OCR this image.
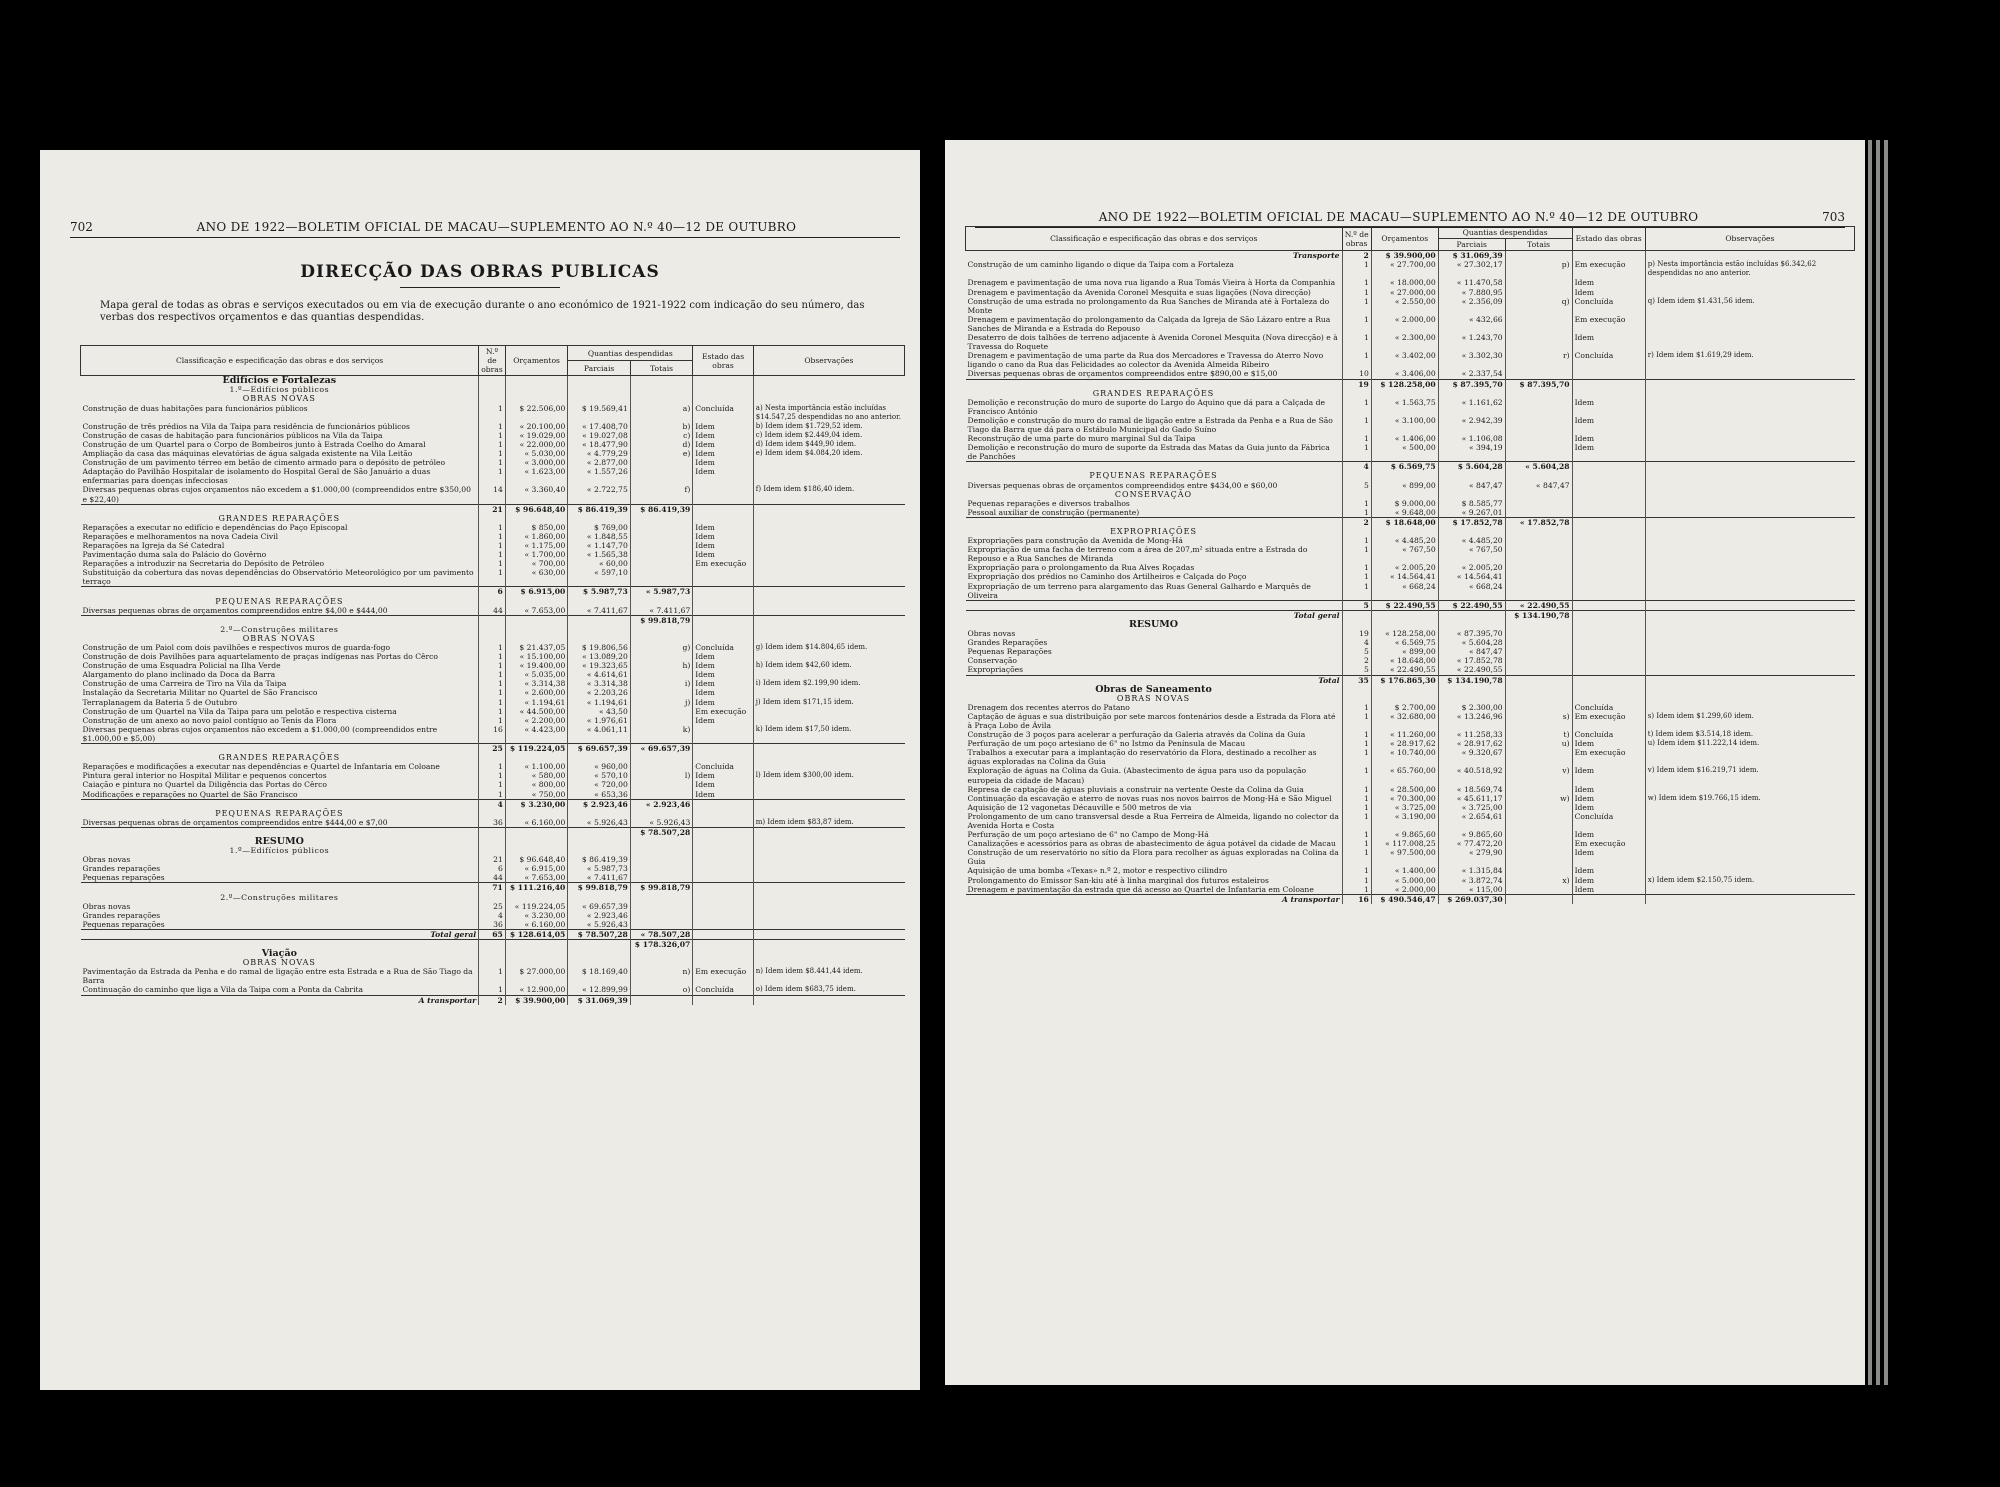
702	ANO DE 1922—BOLETIM OFICIAL DE MACAU—SUPLEMENTO AO N.º 40—12 DE OUTUBRO
DIRECÇÃO DAS OBRAS PUBLICAS
Mapa geral de todas as obras e serviços executados ou em via de execução durante o ano económico de 1921-1922 com indicação do seu número, das verbas dos respectivos orçamentos e das quantias despendidas.
Classificação e especificação das obras e dos serviços	N.º de obras	Orçamentos	Quantias despendidas		Estado das obras	Observações
			Parciais	Totais		
Edifícios e Fortalezas						
1.º—Edifícios públicos						
OBRAS NOVAS						
Construção de duas habitações para funcionários públicos	1	$ 22.506,00	$ 19.569,41	a)	Concluída	a) Nesta importância estão incluídas $14.547,25 despendidas no ano anterior.
Construção de três prédios na Vila da Taipa para residência de funcionários públicos	1	« 20.100,00	« 17.408,70	b)	Idem	b) Idem idem $1.729,52 idem.
Construção de casas de habitação para funcionários públicos na Vila da Taipa	1	« 19.029,00	« 19.027,08	c)	Idem	c) Idem idem $2.449,04 idem.
Construção de um Quartel para o Corpo de Bombeiros junto à Estrada Coelho do Amaral	1	« 22.000,00	« 18.477,90	d)	Idem	d) Idem idem $449,90 idem.
Ampliação da casa das máquinas elevatórias de água salgada existente na Vila Leitão	1	« 5.030,00	« 4.779,29	e)	Idem	e) Idem idem $4.084,20 idem.
Construção de um pavimento térreo em betão de cimento armado para o depósito de petróleo	1	« 3.000,00	« 2.877,00		Idem	
Adaptação do Pavilhão Hospitalar de isolamento do Hospital Geral de São Januário a duas enfermarias para doenças infecciosas	1	« 1.623,00	« 1.557,26		Idem	
Diversas pequenas obras cujos orçamentos não excedem a $1.000,00 (compreendidos entre $350,00 e $22,40)	14	« 3.360,40	« 2.722,75	f)		f) Idem idem $186,40 idem.
	21	$ 96.648,40	$ 86.419,39	$ 86.419,39		
GRANDES REPARAÇÕES						
Reparações a executar no edifício e dependências do Paço Episcopal	1	$ 850,00	$ 769,00		Idem	
Reparações e melhoramentos na nova Cadeia Civil	1	« 1.860,00	« 1.848,55		Idem	
Reparações na Igreja da Sé Catedral	1	« 1.175,00	« 1.147,70		Idem	
Pavimentação duma sala do Palácio do Govêrno	1	« 1.700,00	« 1.565,38		Idem	
Reparações a introduzir na Secretaria do Depósito de Petróleo	1	« 700,00	« 60,00		Em execução	
Substituição da cobertura das novas dependências do Observatório Meteorológico por um pavimento terraço	1	« 630,00	« 597,10			
	6	$ 6.915,00	$ 5.987,73	« 5.987,73		
PEQUENAS REPARAÇÕES						
Diversas pequenas obras de orçamentos compreendidos entre $4,00 e $444,00	44	« 7.653,00	« 7.411,67	« 7.411,67		
				$ 99.818,79		
2.º—Construções militares						
OBRAS NOVAS						
Construção de um Paiol com dois pavilhões e respectivos muros de guarda-fogo	1	$ 21.437,05	$ 19.806,56	g)	Concluída	g) Idem idem $14.804,65 idem.
Construção de dois Pavilhões para aquartelamento de praças indígenas nas Portas do Cêrco	1	« 15.100,00	« 13.089,20		Idem	
Construção de uma Esquadra Policial na Ilha Verde	1	« 19.400,00	« 19.323,65	h)	Idem	h) Idem idem $42,60 idem.
Alargamento do plano inclinado da Doca da Barra	1	« 5.035,00	« 4.614,61		Idem	
Construção de uma Carreira de Tiro na Vila da Taipa	1	« 3.314,38	« 3.314,38	i)	Idem	i) Idem idem $2.199,90 idem.
Instalação da Secretaria Militar no Quartel de São Francisco	1	« 2.600,00	« 2.203,26		Idem	
Terraplanagem da Bateria 5 de Outubro	1	« 1.194,61	« 1.194,61	j)	Idem	j) Idem idem $171,15 idem.
Construção de um Quartel na Vila da Taipa para um pelotão e respectiva cisterna	1	« 44.500,00	« 43,50		Em execução	
Construção de um anexo ao novo paiol contíguo ao Tenis da Flora	1	« 2.200,00	« 1.976,61		Idem	
Diversas pequenas obras cujos orçamentos não excedem a $1.000,00 (compreendidos entre $1.000,00 e $5,00)	16	« 4.423,00	« 4.061,11	k)		k) Idem idem $17,50 idem.
	25	$ 119.224,05	$ 69.657,39	« 69.657,39		
GRANDES REPARAÇÕES						
Reparações e modificações a executar nas dependências e Quartel de Infantaria em Coloane	1	« 1.100,00	« 960,00		Concluída	
Pintura geral interior no Hospital Militar e pequenos concertos	1	« 580,00	« 570,10	l)	Idem	l) Idem idem $300,00 idem.
Caiação e pintura no Quartel da Diligência das Portas do Cêrco	1	« 800,00	« 720,00		Idem	
Modificações e reparações no Quartel de São Francisco	1	« 750,00	« 653,36		Idem	
	4	$ 3.230,00	$ 2.923,46	« 2.923,46		
PEQUENAS REPARAÇÕES						
Diversas pequenas obras de orçamentos compreendidos entre $444,00 e $7,00	36	« 6.160,00	« 5.926,43	« 5.926,43		m) Idem idem $83,87 idem.
				$ 78.507,28		
RESUMO						
1.º—Edifícios públicos						
Obras novas	21	$ 96.648,40	$ 86.419,39			
Grandes reparações	6	« 6.915,00	« 5.987,73			
Pequenas reparações	44	« 7.653,00	« 7.411,67			
	71	$ 111.216,40	$ 99.818,79	$ 99.818,79		
2.º—Construções militares						
Obras novas	25	« 119.224,05	« 69.657,39			
Grandes reparações	4	« 3.230,00	« 2.923,46			
Pequenas reparações	36	« 6.160,00	« 5.926,43			
Total geral	65	$ 128.614,05	$ 78.507,28	« 78.507,28		
				$ 178.326,07		
Viação						
OBRAS NOVAS						
Pavimentação da Estrada da Penha e do ramal de ligação entre esta Estrada e a Rua de São Tiago da Barra	1	$ 27.000,00	$ 18.169,40	n)	Em execução	n) Idem idem $8.441,44 idem.
Continuação do caminho que liga a Vila da Taipa com a Ponta da Cabrita	1	« 12.900,00	« 12.899,99	o)	Concluída	o) Idem idem $683,75 idem.
A transportar	2	$ 39.900,00	$ 31.069,39			
ANO DE 1922—BOLETIM OFICIAL DE MACAU—SUPLEMENTO AO N.º 40—12 DE OUTUBRO	703
Classificação e especificação das obras e dos serviços	N.º de obras	Orçamentos	Quantias despendidas		Estado das obras	Observações
			Parciais	Totais		
Transporte	2	$ 39.900,00	$ 31.069,39			
Construção de um caminho ligando o dique da Taipa com a Fortaleza	1	« 27.700,00	« 27.302,17	p)	Em execução	p) Nesta importância estão incluídas $6.342,62 despendidas no ano anterior.
Drenagem e pavimentação de uma nova rua ligando a Rua Tomás Vieira à Horta da Companhia	1	« 18.000,00	« 11.470,58		Idem	
Drenagem e pavimentação da Avenida Coronel Mesquita e suas ligações (Nova direcção)	1	« 27.000,00	« 7.880,95		Idem	
Construção de uma estrada no prolongamento da Rua Sanches de Miranda até à Fortaleza do Monte	1	« 2.550,00	« 2.356,09	q)	Concluída	q) Idem idem $1.431,56 idem.
Drenagem e pavimentação do prolongamento da Calçada da Igreja de São Lázaro entre a Rua Sanches de Miranda e a Estrada do Repouso	1	« 2.000,00	« 432,66		Em execução	
Desaterro de dois talhões de terreno adjacente à Avenida Coronel Mesquita (Nova direcção) e à Travessa do Roquete	1	« 2.300,00	« 1.243,70		Idem	
Drenagem e pavimentação de uma parte da Rua dos Mercadores e Travessa do Aterro Novo ligando o cano da Rua das Felicidades ao colector da Avenida Almeida Ribeiro	1	« 3.402,00	« 3.302,30	r)	Concluída	r) Idem idem $1.619,29 idem.
Diversas pequenas obras de orçamentos compreendidos entre $890,00 e $15,00	10	« 3.406,00	« 2.337,54			
	19	$ 128.258,00	$ 87.395,70	$ 87.395,70		
GRANDES REPARAÇÕES						
Demolição e reconstrução do muro de suporte do Largo do Aquino que dá para a Calçada de Francisco António	1	« 1.563,75	« 1.161,62		Idem	
Demolição e construção do muro do ramal de ligação entre a Estrada da Penha e a Rua de São Tiago da Barra que dá para o Estábulo Municipal do Gado Suíno	1	« 3.100,00	« 2.942,39		Idem	
Reconstrução de uma parte do muro marginal Sul da Taipa	1	« 1.406,00	« 1.106,08		Idem	
Demolição e reconstrução do muro de suporte da Estrada das Matas da Guia junto da Fábrica de Panchões	1	« 500,00	« 394,19		Idem	
	4	$ 6.569,75	$ 5.604,28	« 5.604,28		
PEQUENAS REPARAÇÕES						
Diversas pequenas obras de orçamentos compreendidos entre $434,00 e $60,00	5	« 899,00	« 847,47	« 847,47		
CONSERVAÇÃO						
Pequenas reparações e diversos trabalhos	1	$ 9.000,00	$ 8.585,77			
Pessoal auxiliar de construção (permanente)	1	« 9.648,00	« 9.267,01			
	2	$ 18.648,00	$ 17.852,78	« 17.852,78		
EXPROPRIAÇÕES						
Expropriações para construção da Avenida de Mong-Há	1	« 4.485,20	« 4.485,20			
Expropriação de uma facha de terreno com a área de 207,m² situada entre a Estrada do Repouso e a Rua Sanches de Miranda	1	« 767,50	« 767,50			
Expropriação para o prolongamento da Rua Alves Roçadas	1	« 2.005,20	« 2.005,20			
Expropriação dos prédios no Caminho dos Artilheiros e Calçada do Poço	1	« 14.564,41	« 14.564,41			
Expropriação de um terreno para alargamento das Ruas General Galhardo e Marquês de Oliveira	1	« 668,24	« 668,24			
	5	$ 22.490,55	$ 22.490,55	« 22.490,55		
Total geral				$ 134.190,78		
RESUMO						
Obras novas	19	« 128.258,00	« 87.395,70			
Grandes Reparações	4	« 6.569,75	« 5.604,28			
Pequenas Reparações	5	« 899,00	« 847,47			
Conservação	2	« 18.648,00	« 17.852,78			
Expropriações	5	« 22.490,55	« 22.490,55			
Total	35	$ 176.865,30	$ 134.190,78			
Obras de Saneamento						
OBRAS NOVAS						
Drenagem dos recentes aterros do Patano	1	$ 2.700,00	$ 2.300,00		Concluída	
Captação de águas e sua distribuição por sete marcos fontenários desde a Estrada da Flora até à Praça Lobo de Ávila	1	« 32.680,00	« 13.246,96	s)	Em execução	s) Idem idem $1.299,60 idem.
Construção de 3 poços para acelerar a perfuração da Galeria através da Colina da Guia	1	« 11.260,00	« 11.258,33	t)	Concluída	t) Idem idem $3.514,18 idem.
Perfuração de um poço artesiano de 6" no Istmo da Península de Macau	1	« 28.917,62	« 28.917,62	u)	Idem	u) Idem idem $11.222,14 idem.
Trabalhos a executar para a implantação do reservatório da Flora, destinado a recolher as águas exploradas na Colina da Guia	1	« 10.740,00	« 9.320,67		Em execução	
Exploração de águas na Colina da Guia. (Abastecimento de água para uso da população europeia da cidade de Macau)	1	« 65.760,00	« 40.518,92	v)	Idem	v) Idem idem $16.219,71 idem.
Represa de captação de águas pluviais a construir na vertente Oeste da Colina da Guia	1	« 28.500,00	« 18.569,74		Idem	
Continuação da escavação e aterro de novas ruas nos novos bairros de Mong-Há e São Miguel	1	« 70.300,00	« 45.611,17	w)	Idem	w) Idem idem $19.766,15 idem.
Aquisição de 12 vagonetas Décauville e 500 metros de via	1	« 3.725,00	« 3.725,00		Idem	
Prolongamento de um cano transversal desde a Rua Ferreira de Almeida, ligando no colector da Avenida Horta e Costa	1	« 3.190,00	« 2.654,61		Concluída	
Perfuração de um poço artesiano de 6" no Campo de Mong-Há	1	« 9.865,60	« 9.865,60		Idem	
Canalizações e acessórios para as obras de abastecimento de água potável da cidade de Macau	1	« 117.008,25	« 77.472,20		Em execução	
Construção de um reservatório no sítio da Flora para recolher as águas exploradas na Colina da Guia	1	« 97.500,00	« 279,90		Idem	
Aquisição de uma bomba «Texas» n.º 2, motor e respectivo cilindro	1	« 1.400,00	« 1.315,84		Idem	
Prolongamento do Emissor San-kiu até à linha marginal dos futuros estaleiros	1	« 5.000,00	« 3.872,74	x)	Idem	x) Idem idem $2.150,75 idem.
Drenagem e pavimentação da estrada que dá acesso ao Quartel de Infantaria em Coloane	1	« 2.000,00	« 115,00		Idem	
A transportar	16	$ 490.546,47	$ 269.037,30			
